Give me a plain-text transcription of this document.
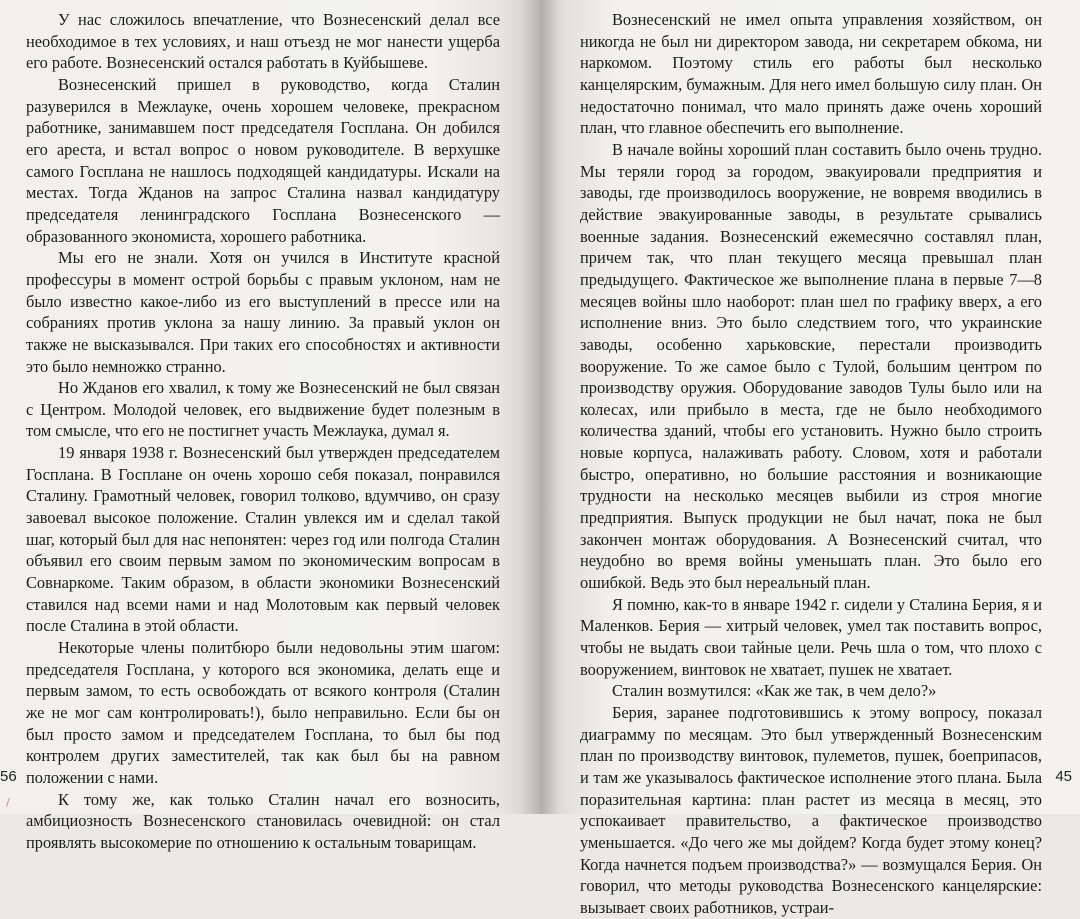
У нас сложилось впечатление, что Вознесенский делал все необходимое в тех условиях, и наш отъезд не мог нанести ущерба его работе. Вознесенский остался работать в Куйбышеве.

Вознесенский пришел в руководство, когда Сталин разуверился в Межлауке, очень хорошем человеке, прекрасном работнике, занимавшем пост председателя Госплана. Он добился его ареста, и встал вопрос о новом руководителе. В верхушке самого Госплана не нашлось подходящей кандидатуры. Искали на местах. Тогда Жданов на запрос Сталина назвал кандидатуру председателя ленинградского Госплана Вознесенского — образованного экономиста, хорошего работника.

Мы его не знали. Хотя он учился в Институте красной профессуры в момент острой борьбы с правым уклоном, нам не было известно какое-либо из его выступлений в прессе или на собраниях против уклона за нашу линию. За правый уклон он также не высказывался. При таких его способностях и активности это было немножко странно.

Но Жданов его хвалил, к тому же Вознесенский не был связан с Центром. Молодой человек, его выдвижение будет полезным в том смысле, что его не постигнет участь Межлаука, думал я.

19 января 1938 г. Вознесенский был утвержден председателем Госплана. В Госплане он очень хорошо себя показал, понравился Сталину. Грамотный человек, говорил толково, вдумчиво, он сразу завоевал высокое положение. Сталин увлекся им и сделал такой шаг, который был для нас непонятен: через год или полгода Сталин объявил его своим первым замом по экономическим вопросам в Совнаркоме. Таким образом, в области экономики Вознесенский ставился над всеми нами и над Молотовым как первый человек после Сталина в этой области.

Некоторые члены политбюро были недовольны этим шагом: председателя Госплана, у которого вся экономика, делать еще и первым замом, то есть освобождать от всякого контроля (Сталин же не мог сам контролировать!), было неправильно. Если бы он был просто замом и председателем Госплана, то был бы под контролем других заместителей, так как был бы на равном положении с нами.

К тому же, как только Сталин начал его возносить, амбициозность Вознесенского становилась очевидной: он стал проявлять высокомерие по отношению к остальным товарищам.

56

Вознесенский не имел опыта управления хозяйством, он никогда не был ни директором завода, ни секретарем обкома, ни наркомом. Поэтому стиль его работы был несколько канцелярским, бумажным. Для него имел большую силу план. Он недостаточно понимал, что мало принять даже очень хороший план, что главное обеспечить его выполнение.

В начале войны хороший план составить было очень трудно. Мы теряли город за городом, эвакуировали предприятия и заводы, где производилось вооружение, не вовремя вводились в действие эвакуированные заводы, в результате срывались военные задания. Вознесенский ежемесячно составлял план, причем так, что план текущего месяца превышал план предыдущего. Фактическое же выполнение плана в первые 7—8 месяцев войны шло наоборот: план шел по графику вверх, а его исполнение вниз. Это было следствием того, что украинские заводы, особенно харьковские, перестали производить вооружение. То же самое было с Тулой, большим центром по производству оружия. Оборудование заводов Тулы было или на колесах, или прибыло в места, где не было необходимого количества зданий, чтобы его установить. Нужно было строить новые корпуса, налаживать работу. Словом, хотя и работали быстро, оперативно, но большие расстояния и возникающие трудности на несколько месяцев выбили из строя многие предприятия. Выпуск продукции не был начат, пока не был закончен монтаж оборудования. А Вознесенский считал, что неудобно во время войны уменьшать план. Это было его ошибкой. Ведь это был нереальный план.

Я помню, как-то в январе 1942 г. сидели у Сталина Берия, я и Маленков. Берия — хитрый человек, умел так поставить вопрос, чтобы не выдать свои тайные цели. Речь шла о том, что плохо с вооружением, винтовок не хватает, пушек не хватает.

Сталин возмутился: «Как же так, в чем дело?»

Берия, заранее подготовившись к этому вопросу, показал диаграмму по месяцам. Это был утвержденный Вознесенским план по производству винтовок, пулеметов, пушек, боеприпасов, и там же указывалось фактическое исполнение этого плана. Была поразительная картина: план растет из месяца в месяц, это успокаивает правительство, а фактическое производство уменьшается. «До чего же мы дойдем? Когда будет этому конец? Когда начнется подъем производства?» — возмущался Берия. Он говорил, что методы руководства Вознесенского канцелярские: вызывает своих работников, устраи-

45
/
